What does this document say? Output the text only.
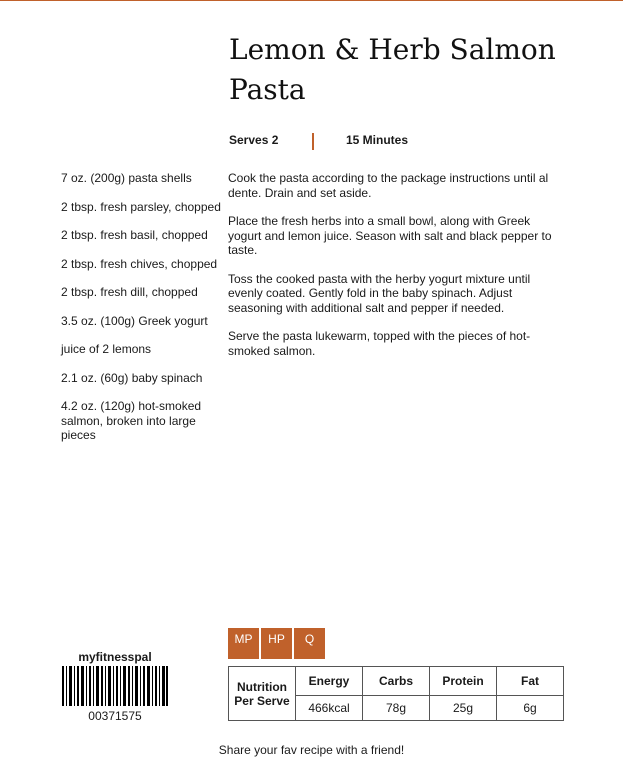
Lemon & Herb Salmon Pasta
Serves 2	15 Minutes
7 oz. (200g) pasta shells
2 tbsp. fresh parsley, chopped
2 tbsp. fresh basil, chopped
2 tbsp. fresh chives, chopped
2 tbsp. fresh dill, chopped
3.5 oz. (100g) Greek yogurt
juice of 2 lemons
2.1 oz. (60g) baby spinach
4.2 oz. (120g) hot-smoked salmon, broken into large pieces
Cook the pasta according to the package instructions until al dente. Drain and set aside.
Place the fresh herbs into a small bowl, along with Greek yogurt and lemon juice. Season with salt and black pepper to taste.
Toss the cooked pasta with the herby yogurt mixture until evenly coated. Gently fold in the baby spinach. Adjust seasoning with additional salt and pepper if needed.
Serve the pasta lukewarm, topped with the pieces of hot-smoked salmon.
myfitnesspal
00371575
MP	HP	Q
Nutrition Per Serve	Energy	Carbs	Protein	Fat
	466kcal	78g	25g	6g
Share your fav recipe with a friend!
